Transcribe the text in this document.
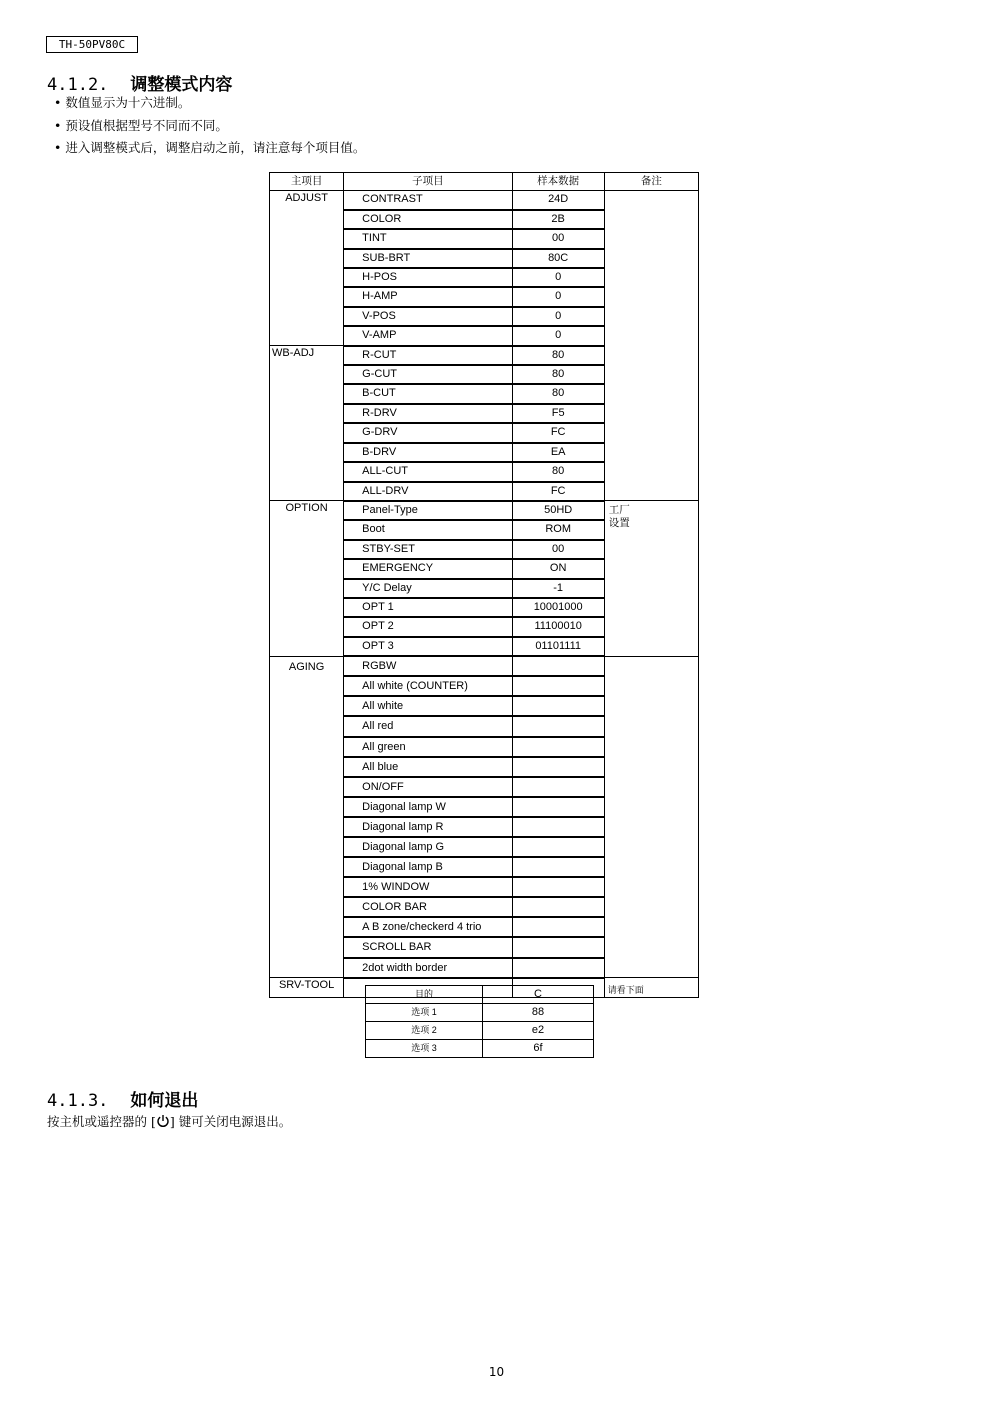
TH-50PV80C
4.1.2. 调整模式内容
• 数值显示为十六进制。
• 预设值根据型号不同而不同。
• 进入调整模式后，调整启动之前，请注意每个项目值。
主项目	子项目	样本数据	备注
ADJUST	CONTRAST	24D	
	COLOR	2B	
	TINT	00	
	SUB-BRT	80C	
	H-POS	0	
	H-AMP	0	
	V-POS	0	
	V-AMP	0	
WB-ADJ	R-CUT	80	
	G-CUT	80	
	B-CUT	80	
	R-DRV	F5	
	G-DRV	FC	
	B-DRV	EA	
	ALL-CUT	80	
	ALL-DRV	FC	
OPTION	Panel-Type	50HD	工厂
设置

	Boot	ROM	
	STBY-SET	00	
	EMERGENCY	ON	
	Y/C Delay	-1	
	OPT 1	10001000	
	OPT 2	11100010	
	OPT 3	01101111	
AGING	RGBW		
	All white (COUNTER)		
	All white		
	All red		
	All green		
	All blue		
	ON/OFF		
	Diagonal lamp W		
	Diagonal lamp R		
	Diagonal lamp G		
	Diagonal lamp B		
	1% WINDOW		
	COLOR BAR		
	A B zone/checkerd 4 trio		
	SCROLL BAR		
	2dot width border		
SRV-TOOL			请看下面
目的	C
选项 1	88
选项 2	e2
选项 3	6f
4.1.3. 如何退出
按主机或遥控器的 [ ] 键可关闭电源退出。
10
